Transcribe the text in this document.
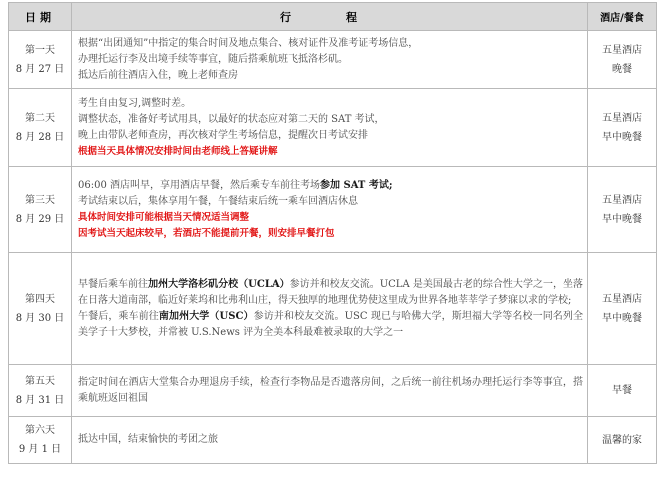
日期	行　程	酒店/餐食

第一天
8 月 27 日	根据“出团通知”中指定的集合时间及地点集合、核对证件及准考证考场信息，
办理托运行李及出境手续等事宜，随后搭乘航班飞抵洛杉矶。
抵达后前往酒店入住，晚上老师查房	五星酒店
晚餐

第二天
8 月 28 日	考生自由复习,调整时差。
调整状态，准备好考试用具，以最好的状态应对第二天的 SAT 考试，
晚上由带队老师查房，再次核对学生考场信息，提醒次日考试安排
根据当天具体情况安排时间由老师线上答疑讲解	五星酒店
早中晚餐

第三天
8 月 29 日	06:00 酒店叫早，享用酒店早餐，然后乘专车前往考场参加 SAT 考试;
考试结束以后，集体享用午餐，午餐结束后统一乘车回酒店休息
具体时间安排可能根据当天情况适当调整
因考试当天起床较早，若酒店不能提前开餐，则安排早餐打包	五星酒店
早中晚餐

第四天
8 月 30 日	早餐后乘车前往加州大学洛杉矶分校（UCLA）参访并和校友交流。UCLA 是美国最古老的综合性大学之一，坐落在日落大道南部，临近好莱坞和比弗利山庄，得天独厚的地理优势使这里成为世界各地莘莘学子梦寐以求的学校;
午餐后，乘车前往南加州大学（USC）参访并和校友交流。USC 现已与哈佛大学，斯坦福大学等名校一同名列全美学子十大梦校，并常被 U.S.News 评为全美本科最难被录取的大学之一	五星酒店
早中晚餐

第五天
8 月 31 日	指定时间在酒店大堂集合办理退房手续，检查行李物品是否遗落房间，之后统一前往机场办理托运行李等事宜，搭乘航班返回祖国	早餐

第六天
9 月 1 日	抵达中国，结束愉快的考团之旅	温馨的家
